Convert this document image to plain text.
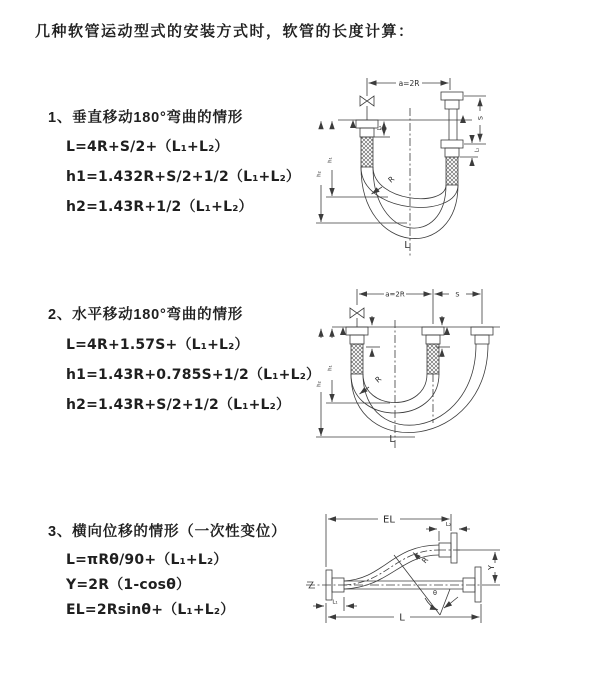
几种软管运动型式的安装方式时，软管的长度计算：
1、垂直移动180°弯曲的情形
L=4R+S/2+（L₁+L₂）
h1=1.432R+S/2+1/2（L₁+L₂）
h2=1.43R+1/2（L₁+L₂）
2、水平移动180°弯曲的情形
L=4R+1.57S+（L₁+L₂）
h1=1.43R+0.785S+1/2（L₁+L₂）
h2=1.43R+S/2+1/2（L₁+L₂）
3、横向位移的情形（一次性变位）
L=πRθ/90+（L₁+L₂）
Y=2R（1-cosθ）
EL=2Rsinθ+（L₁+L₂）
a=2R
L₁
S
L₂
h₁
h₂
R
L
a=2R	S
h₁
h₂	R
L
EL	L₂
Y
R
θ
L
L₁
